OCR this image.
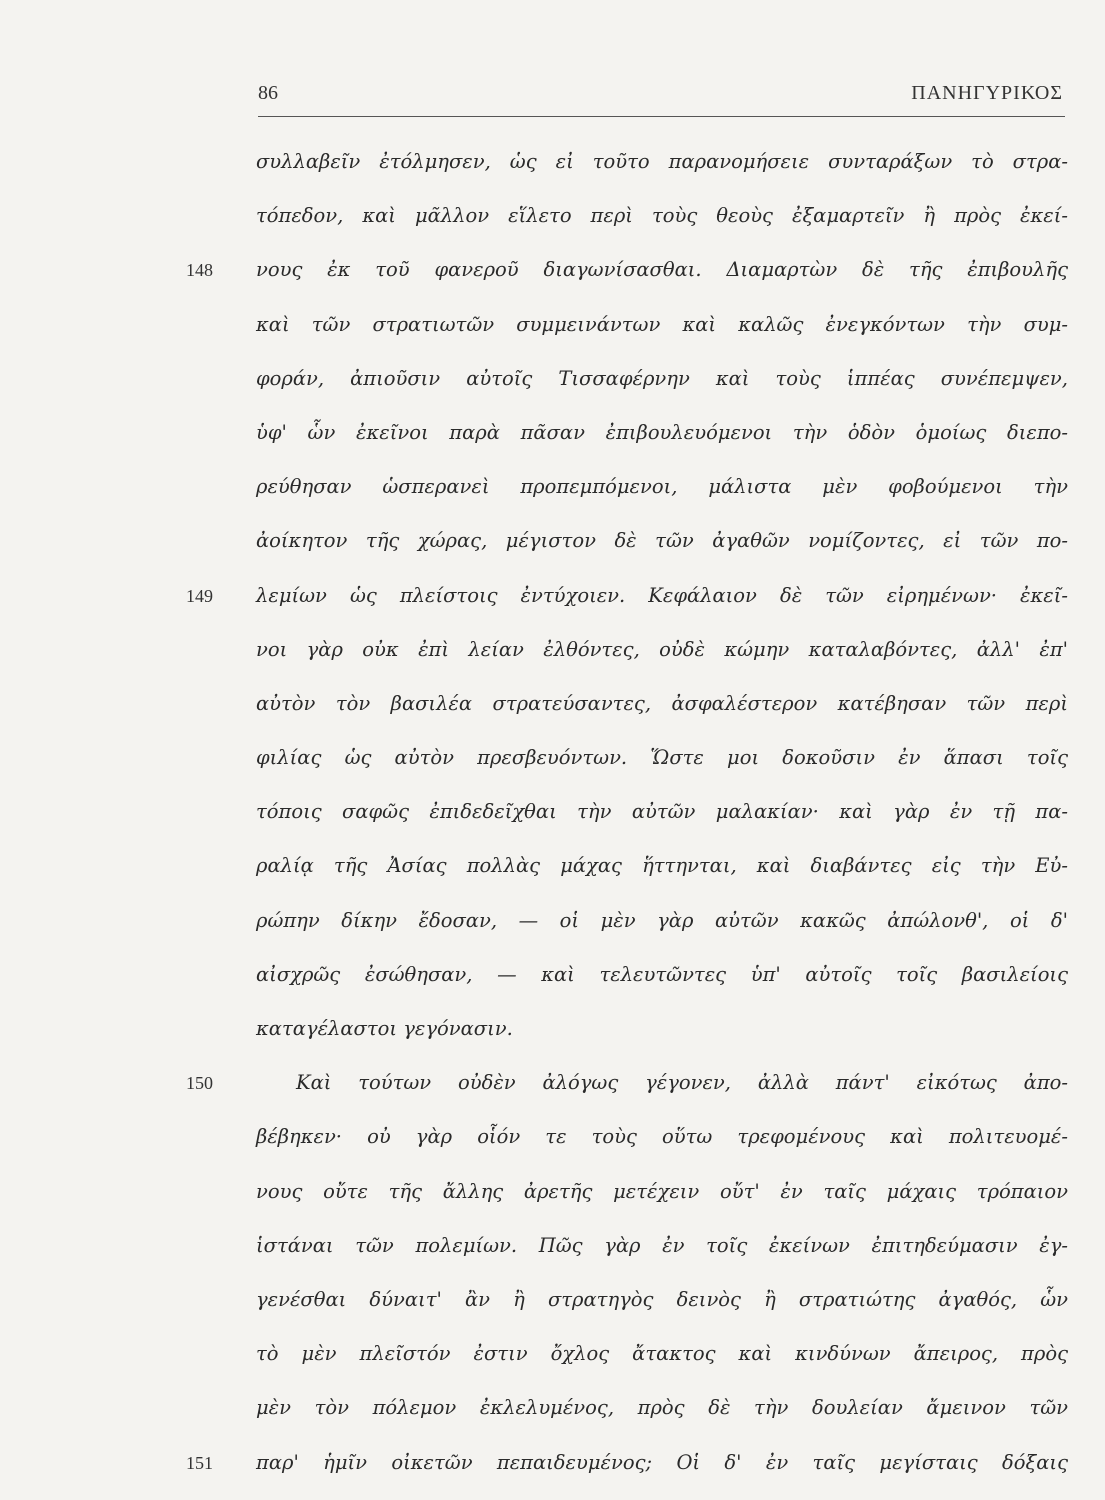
86	ΠΑΝΗΓΥΡΙΚΟΣ
συλλαβεῖν ἐτόλμησεν, ὡς εἰ τοῦτο παρανομήσειε συνταράξων τὸ στρα-
τόπεδον, καὶ μᾶλλον εἵλετο περὶ τοὺς θεοὺς ἐξαμαρτεῖν ἢ πρὸς ἐκεί-
νους ἐκ τοῦ φανεροῦ διαγωνίσασθαι. Διαμαρτὼν δὲ τῆς ἐπιβουλῆς
148
καὶ τῶν στρατιωτῶν συμμεινάντων καὶ καλῶς ἐνεγκόντων τὴν συμ-
φοράν, ἀπιοῦσιν αὐτοῖς Τισσαφέρνην καὶ τοὺς ἱππέας συνέπεμψεν,
ὑφ' ὧν ἐκεῖνοι παρὰ πᾶσαν ἐπιβουλευόμενοι τὴν ὁδὸν ὁμοίως διεπο-
ρεύθησαν ὡσπερανεὶ προπεμπόμενοι, μάλιστα μὲν φοβούμενοι τὴν
ἀοίκητον τῆς χώρας, μέγιστον δὲ τῶν ἀγαθῶν νομίζοντες, εἰ τῶν πο-
λεμίων ὡς πλείστοις ἐντύχοιεν. Κεφάλαιον δὲ τῶν εἰρημένων· ἐκεῖ-
149
νοι γὰρ οὐκ ἐπὶ λείαν ἐλθόντες, οὐδὲ κώμην καταλαβόντες, ἀλλ' ἐπ'
αὐτὸν τὸν βασιλέα στρατεύσαντες, ἀσφαλέστερον κατέβησαν τῶν περὶ
φιλίας ὡς αὐτὸν πρεσβευόντων. Ὥστε μοι δοκοῦσιν ἐν ἅπασι τοῖς
τόποις σαφῶς ἐπιδεδεῖχθαι τὴν αὐτῶν μαλακίαν· καὶ γὰρ ἐν τῇ πα-
ραλίᾳ τῆς Ἀσίας πολλὰς μάχας ἥττηνται, καὶ διαβάντες εἰς τὴν Εὐ-
ρώπην δίκην ἔδοσαν, — οἱ μὲν γὰρ αὐτῶν κακῶς ἀπώλονθ', οἱ δ'
αἰσχρῶς ἐσώθησαν, — καὶ τελευτῶντες ὑπ' αὐτοῖς τοῖς βασιλείοις
καταγέλαστοι γεγόνασιν.
Καὶ τούτων οὐδὲν ἀλόγως γέγονεν, ἀλλὰ πάντ' εἰκότως ἀπο-
150
βέβηκεν· οὐ γὰρ οἷόν τε τοὺς οὕτω τρεφομένους καὶ πολιτευομέ-
νους οὔτε τῆς ἄλλης ἀρετῆς μετέχειν οὔτ' ἐν ταῖς μάχαις τρόπαιον
ἱστάναι τῶν πολεμίων. Πῶς γὰρ ἐν τοῖς ἐκείνων ἐπιτηδεύμασιν ἐγ-
γενέσθαι δύναιτ' ἂν ἢ στρατηγὸς δεινὸς ἢ στρατιώτης ἀγαθός, ὧν
τὸ μὲν πλεῖστόν ἐστιν ὄχλος ἄτακτος καὶ κινδύνων ἄπειρος, πρὸς
μὲν τὸν πόλεμον ἐκλελυμένος, πρὸς δὲ τὴν δουλείαν ἄμεινον τῶν
παρ' ἡμῖν οἰκετῶν πεπαιδευμένος; Οἱ δ' ἐν ταῖς μεγίσταις δόξαις
151
